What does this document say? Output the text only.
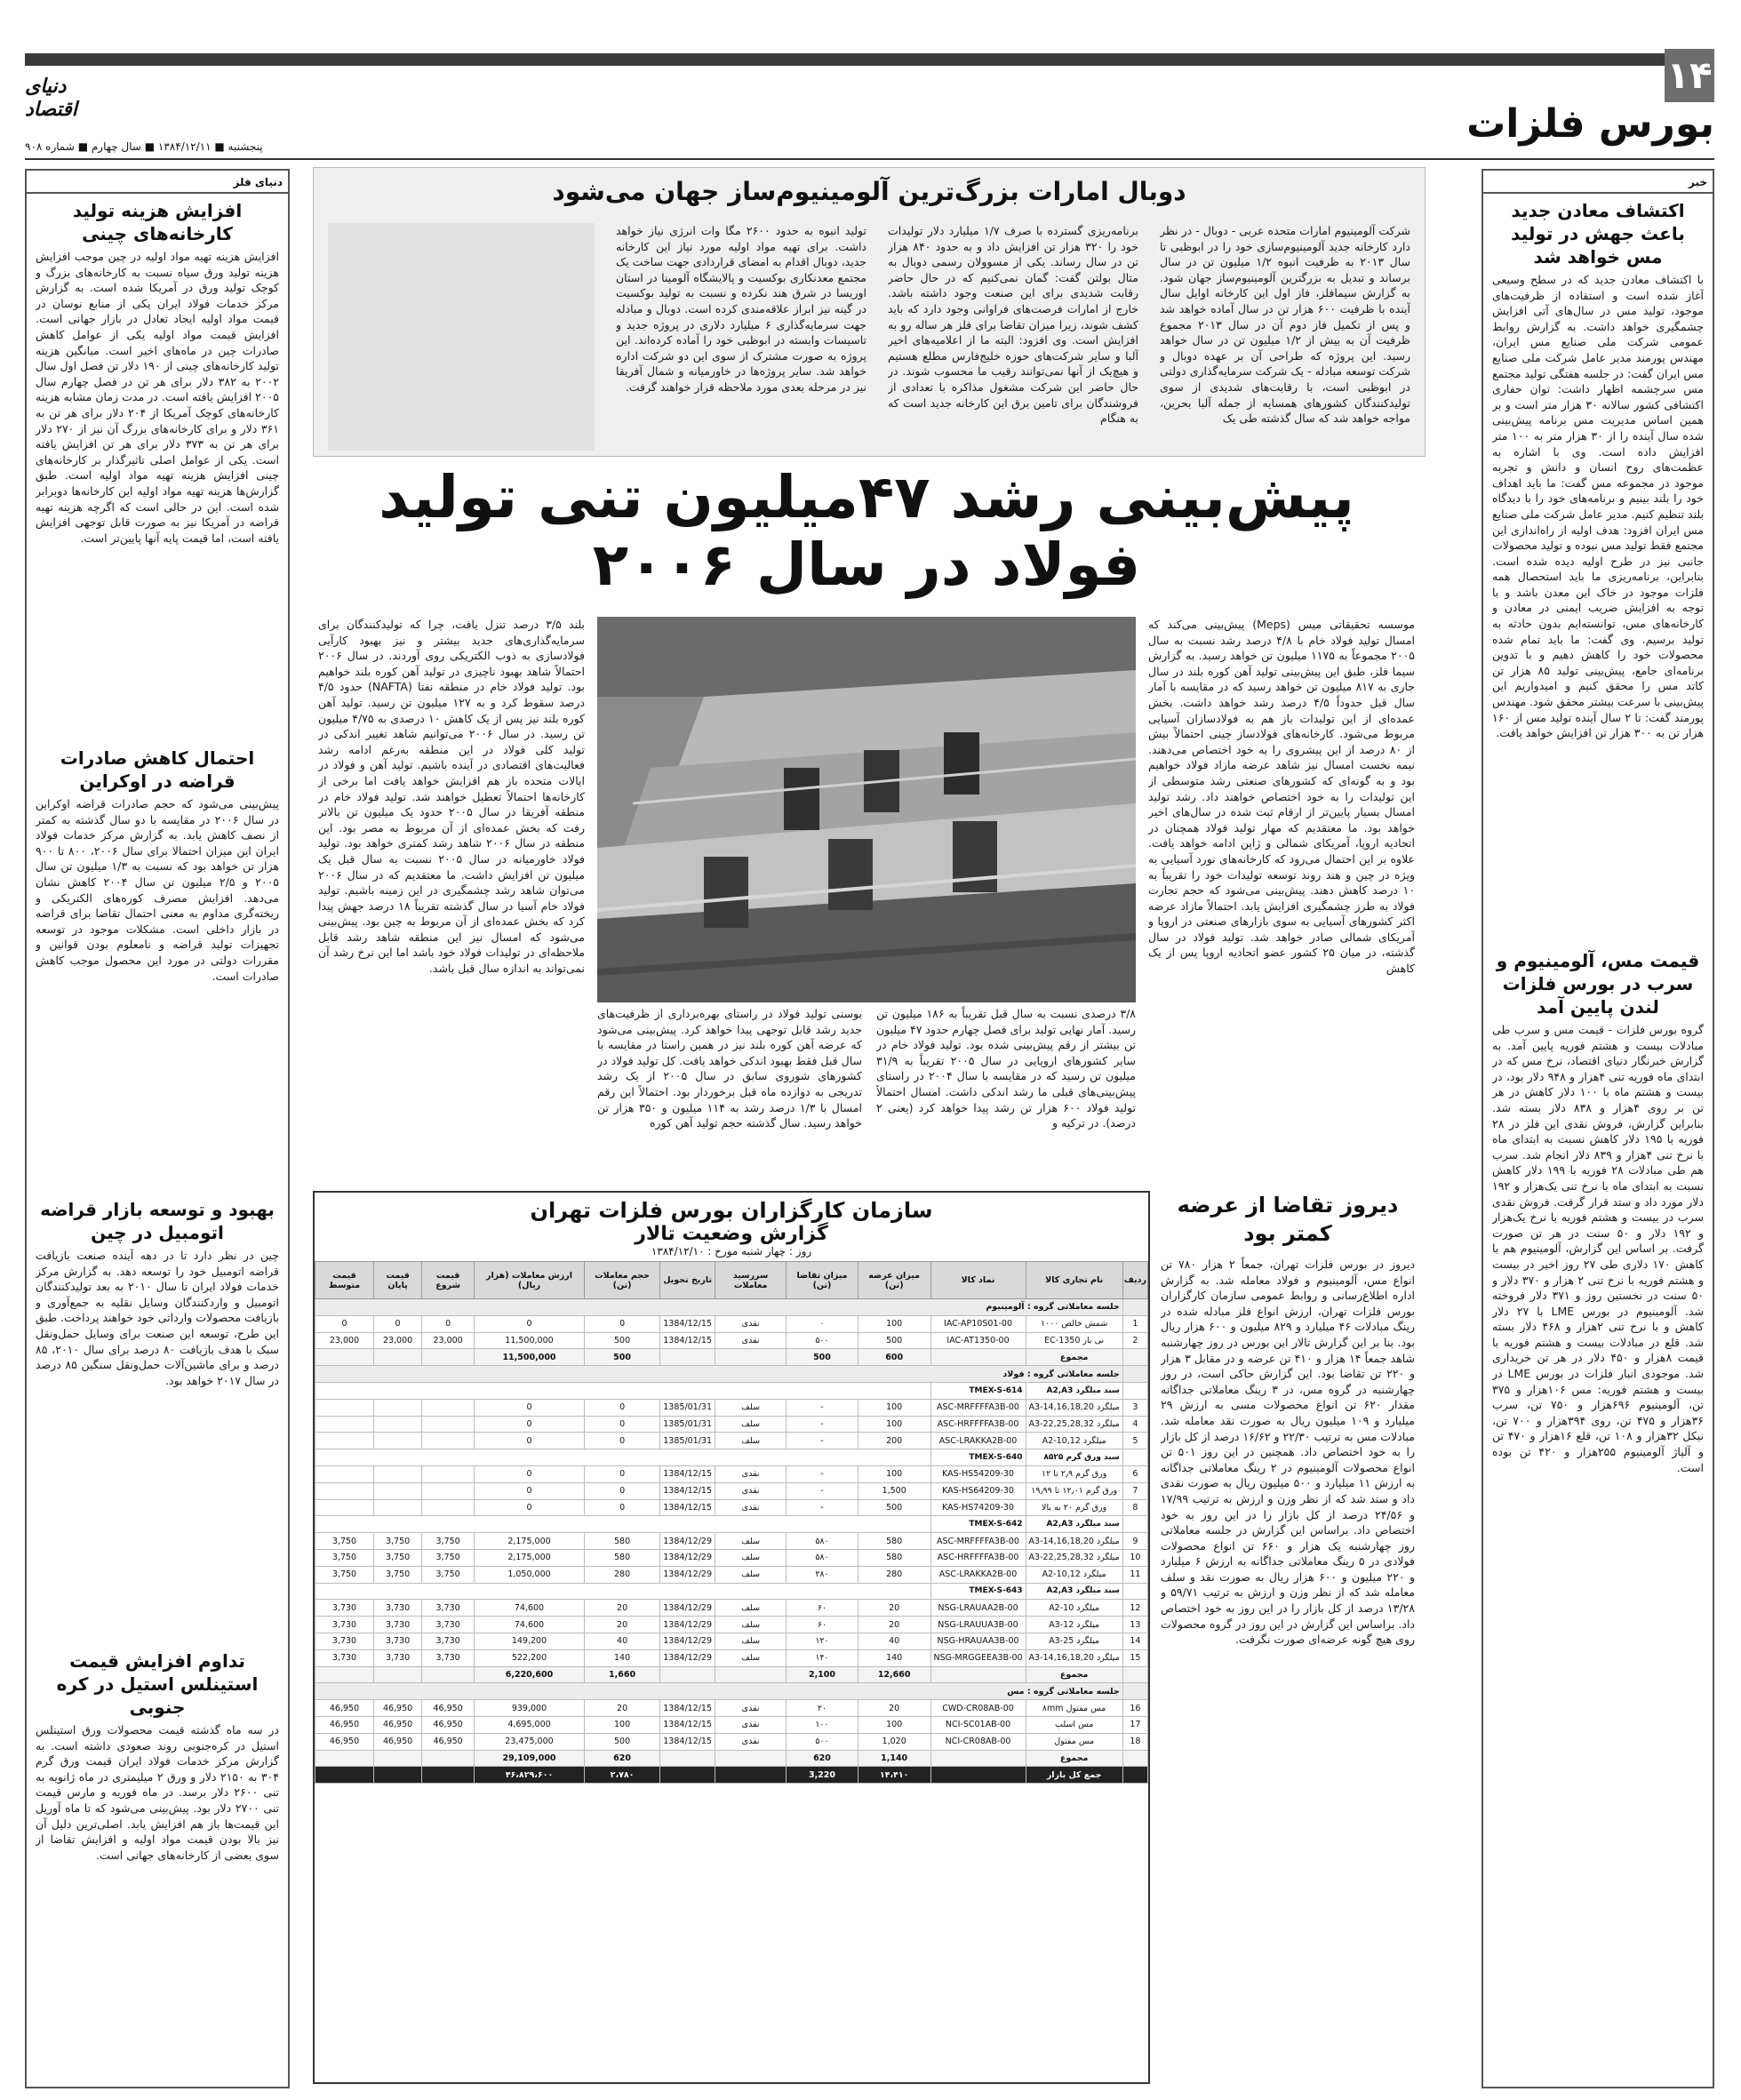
۱۴
دنیای اقتصاد	بورس فلزات
پنجشنبه ■ ۱۳۸۴/۱۲/۱۱ ■ سال چهارم ■ شماره ۹۰۸
خبر
اکتشاف معادن جدید باعث جهش در تولید مس خواهد شد
با اکتشاف معادن جدید که در سطح وسیعی آغاز شده است و استفاده از ظرفیت‌های موجود، تولید مس در سال‌های آتی افزایش چشمگیری خواهد داشت. به گزارش روابط عمومی شرکت ملی صنایع مس ایران، مهندس پورمند مدیر عامل شرکت ملی صنایع مس ایران گفت: در جلسه هفتگی تولید مجتمع مس سرچشمه اظهار داشت: توان حفاری اکتشافی کشور سالانه ۳۰ هزار متر است و بر همین اساس مدیریت مس برنامه پیش‌بینی شده سال آینده را از ۳۰ هزار متر به ۱۰۰ متر افزایش داده است. وی با اشاره به عظمت‌های روح انسان و دانش و تجربه موجود در مجموعه مس گفت: ما باید اهداف خود را بلند بینیم و برنامه‌های خود را با دیدگاه بلند تنظیم کنیم. مدیر عامل شرکت ملی صنایع مس ایران افزود: هدف اولیه از راه‌اندازی این مجتمع فقط تولید مس نبوده و تولید محصولات جانبی نیز در طرح اولیه دیده شده است. بنابراین، برنامه‌ریزی ما باید استحصال همه فلزات موجود در خاک این معدن باشد و با توجه به افزایش ضریب ایمنی در معادن و کارخانه‌های مس، توانسته‌ایم بدون حادثه به تولید برسیم. وی گفت: ما باید تمام شده محصولات خود را کاهش دهیم و با تدوین برنامه‌ای جامع، پیش‌بینی تولید ۸۵ هزار تن کاتد مس را محقق کنیم و امیدواریم این پیش‌بینی با سرعت بیشتر محقق شود. مهندس پورمند گفت: تا ۲ سال آینده تولید مس از ۱۶۰ هزار تن به ۳۰۰ هزار تن افزایش خواهد یافت.
قیمت مس، آلومینیوم و سرب در بورس فلزات لندن پایین آمد
گروه بورس فلزات - قیمت مس و سرب طی مبادلات بیست و هشتم فوریه پایین آمد. به گزارش خبرنگار دنیای اقتصاد، نرخ مس که در ابتدای ماه فوریه تنی ۴هزار و ۹۴۸ دلار بود، در بیست و هشتم ماه با ۱۰۰ دلار کاهش در هر تن بر روی ۴هزار و ۸۳۸ دلار بسته شد. بنابراین گزارش، فروش نقدی این فلز در ۲۸ فوریه با ۱۹۵ دلار کاهش نسبت به ابتدای ماه با نرخ تنی ۴هزار و ۸۳۹ دلار انجام شد. سرب هم طی مبادلات ۲۸ فوریه با ۱۹۹ دلار کاهش نسبت به ابتدای ماه با نرخ تنی یک‌هزار و ۱۹۲ دلار مورد داد و ستد قرار گرفت. فروش نقدی سرب در بیست و هشتم فوریه با نرخ یک‌هزار و ۱۹۲ دلار و ۵۰ سنت در هر تن صورت گرفت. بر اساس این گزارش، آلومینیوم هم با کاهش ۱۷۰ دلاری طی ۲۷ روز اخیر در بیست و هشتم فوریه با نرخ تنی ۲ هزار و ۳۷۰ دلار و ۵۰ سنت در نخستین روز و ۳۷۱ دلار فروخته شد. آلومینیوم در بورس LME با ۲۷ دلار کاهش و با نرخ تنی ۲هزار و ۴۶۸ دلار بسته شد. قلع در مبادلات بیست و هشتم فوریه با قیمت ۸هزار و ۴۵۰ دلار در هر تن خریداری شد. موجودی انبار فلزات در بورس LME در بیست و هشتم فوریه: مس ۱۰۶هزار و ۳۷۵ تن، آلومینیوم ۶۹۶هزار و ۷۵۰ تن، سرب ۳۶هزار و ۴۷۵ تن، روی ۳۹۴هزار و ۷۰۰ تن، نیکل ۳۲هزار و ۱۰۸ تن، قلع ۱۶هزار و ۴۷۰ تن و آلیاژ آلومینیوم ۲۵۵هزار و ۴۲۰ تن بوده است.
دنیای فلز
افزایش هزینه تولید کارخانه‌های چینی
افزایش هزینه تهیه مواد اولیه در چین موجب افزایش هزینه تولید ورق سیاه نسبت به کارخانه‌های بزرگ و کوچک تولید ورق در آمریکا شده است. به گزارش مرکز خدمات فولاد ایران یکی از منابع نوسان در قیمت مواد اولیه ایجاد تعادل در بازار جهانی است. افزایش قیمت مواد اولیه یکی از عوامل کاهش صادرات چین در ماه‌های اخیر است. میانگین هزینه تولید کارخانه‌های چینی از ۱۹۰ دلار تن فصل اول سال ۲۰۰۲ به ۳۸۲ دلار برای هر تن در فصل چهارم سال ۲۰۰۵ افزایش یافته است. در مدت زمان مشابه هزینه کارخانه‌های کوچک آمریکا از ۲۰۴ دلار برای هر تن به ۳۶۱ دلار و برای کارخانه‌های بزرگ آن نیز از ۲۷۰ دلار برای هر تن به ۳۷۳ دلار برای هر تن افزایش یافته است. یکی از عوامل اصلی تاثیرگذار بر کارخانه‌های چینی افزایش هزینه تهیه مواد اولیه است. طبق گزارش‌ها هزینه تهیه مواد اولیه این کارخانه‌ها دوبرابر شده است. این در حالی است که اگرچه هزینه تهیه قراضه در آمریکا نیز به صورت قابل توجهی افزایش یافته است، اما قیمت پایه آنها پایین‌تر است.
احتمال کاهش صادرات قراضه در اوکراین
پیش‌بینی می‌شود که حجم صادرات قراضه اوکراین در سال ۲۰۰۶ در مقایسه با دو سال گذشته به کمتر از نصف کاهش یابد. به گزارش مرکز خدمات فولاد ایران این میزان احتمالا برای سال ۲۰۰۶، ۸۰۰ تا ۹۰۰ هزار تن خواهد بود که نسبت به ۱/۳ میلیون تن سال ۲۰۰۵ و ۲/۵ میلیون تن سال ۲۰۰۴ کاهش نشان می‌دهد. افزایش مصرف کوره‌های الکتریکی و ریخته‌گری مداوم به معنی احتمال تقاضا برای قراضه در بازار داخلی است. مشکلات موجود در توسعه تجهیزات تولید قراضه و نامعلوم بودن قوانین و مقررات دولتی در مورد این محصول موجب کاهش صادرات است.
بهبود و توسعه بازار قراضه اتومبیل در چین
چین در نظر دارد تا در دهه آینده صنعت بازیافت قراضه اتومبیل خود را توسعه دهد. به گزارش مرکز خدمات فولاد ایران تا سال ۲۰۱۰ به بعد تولیدکنندگان اتومبیل و واردکنندگان وسایل نقلیه به جمع‌آوری و بازیافت محصولات وارداتی خود خواهند پرداخت. طبق این طرح، توسعه این صنعت برای وسایل حمل‌ونقل سبک با هدف بازیافت ۸۰ درصد برای سال ۲۰۱۰، ۸۵ درصد و برای ماشین‌آلات حمل‌ونقل سنگین ۸۵ درصد در سال ۲۰۱۷ خواهد بود.
تداوم افزایش قیمت استینلس استیل در کره جنوبی
در سه ماه گذشته قیمت محصولات ورق استینلس استیل در کره‌جنوبی روند صعودی داشته است. به گزارش مرکز خدمات فولاد ایران قیمت ورق گرم ۳۰۴ به ۲۱۵۰ دلار و ورق ۲ میلیمتری در ماه ژانویه به تنی ۲۶۰۰ دلار برسد. در ماه فوریه و مارس قیمت تنی ۲۷۰۰ دلار بود. پیش‌بینی می‌شود که تا ماه آوریل این قیمت‌ها باز هم افزایش یابد. اصلی‌ترین دلیل آن نیز بالا بودن قیمت مواد اولیه و افزایش تقاضا از سوی بعضی از کارخانه‌های جهانی است.
دوبال امارات بزرگ‌ترین آلومینیوم‌ساز جهان می‌شود
شرکت آلومینیوم امارات متحده عربی - دوبال - در نظر دارد کارخانه جدید آلومینیوم‌سازی خود را در ابوظبی تا سال ۲۰۱۳ به ظرفیت انبوه ۱/۲ میلیون تن در سال برساند و تبدیل به بزرگترین آلومینیوم‌ساز جهان شود. به گزارش سیمافلز، فاز اول این کارخانه اوایل سال آینده با ظرفیت ۶۰۰ هزار تن در سال آماده خواهد شد و پس از تکمیل فاز دوم آن در سال ۲۰۱۳ مجموع ظرفیت آن به بیش از ۱/۲ میلیون تن در سال خواهد رسید. این پروژه که طراحی آن بر عهده دوبال و شرکت توسعه مبادله - یک شرکت سرمایه‌گذاری دولتی در ابوظبی است، با رقابت‌های شدیدی از سوی تولیدکنندگان کشورهای همسایه از جمله آلبا بحرین، مواجه خواهد شد که سال گذشته طی یک
برنامه‌ریزی گسترده با صرف ۱/۷ میلیارد دلار تولیدات خود را ۳۲۰ هزار تن افزایش داد و به حدود ۸۴۰ هزار تن در سال رساند. یکی از مسوولان رسمی دوبال به متال بولتن گفت: گمان نمی‌کنیم که در حال حاضر رقابت شدیدی برای این صنعت وجود داشته باشد. خارج از امارات فرصت‌های فراوانی وجود دارد که باید کشف شوند، زیرا میزان تقاضا برای فلز هر ساله رو به افزایش است. وی افزود: البته ما از اعلامیه‌های اخیر آلبا و سایر شرکت‌های حوزه خلیج‌فارس مطلع هستیم و هیچ‌یک از آنها نمی‌توانند رقیب ما محسوب شوند. در حال حاضر این شرکت مشغول مذاکره با تعدادی از فروشندگان برای تامین برق این کارخانه جدید است که به هنگام
تولید انبوه به حدود ۲۶۰۰ مگا وات انرژی نیاز خواهد داشت. برای تهیه مواد اولیه مورد نیاز این کارخانه جدید، دوبال اقدام به امضای قراردادی جهت ساخت یک مجتمع معدنکاری بوکسیت و پالایشگاه آلومینا در استان اوریسا در شرق هند نکرده و نسبت به تولید بوکسیت در گینه نیز ابراز علاقه‌مندی کرده است. دوبال و مبادله جهت سرمایه‌گذاری ۶ میلیارد دلاری در پروژه جدید و تاسیسات وابسته در ابوظبی خود را آماده کرده‌اند. این پروژه به صورت مشترک از سوی این دو شرکت اداره خواهد شد. سایر پروژه‌ها در خاورمیانه و شمال آفریقا نیز در مرحله بعدی مورد ملاحظه قرار خواهند گرفت.
پیش‌بینی رشد ۴۷میلیون تنی تولید
فولاد در سال ۲۰۰۶
موسسه تحقیقاتی میس (Meps) پیش‌بینی می‌کند که امسال تولید فولاد خام با ۴/۸ درصد رشد نسبت به سال ۲۰۰۵ مجموعاً به ۱۱۷۵ میلیون تن خواهد رسید. به گزارش سیما فلز، طبق این پیش‌بینی تولید آهن کوره بلند در سال جاری به ۸۱۷ میلیون تن خواهد رسید که در مقایسه با آمار سال قبل حدوداً ۴/۵ درصد رشد خواهد داشت. بخش عمده‌ای از این تولیدات باز هم به فولادسازان آسیایی مربوط می‌شود. کارخانه‌های فولادساز چینی احتمالاً بیش از ۸۰ درصد از این پیشروی را به خود اختصاص می‌دهند. نیمه نخست امسال نیز شاهد عرضه مازاد فولاد خواهیم بود و به گونه‌ای که کشورهای صنعتی رشد متوسطی از این تولیدات را به خود اختصاص خواهند داد. رشد تولید امسال بسیار پایین‌تر از ارقام ثبت شده در سال‌های اخیر خواهد بود. ما معتقدیم که مهار تولید فولاد همچنان در اتحادیه اروپا، آمریکای شمالی و ژاپن ادامه خواهد یافت. علاوه بر این احتمال می‌رود که کارخانه‌های نورد آسیایی به ویژه در چین و هند روند توسعه تولیدات خود را تقریباً به ۱۰ درصد کاهش دهند. پیش‌بینی می‌شود که حجم تجارت فولاد به طرز چشمگیری افزایش یابد. احتمالاً مازاد عرضه اکثر کشورهای آسیایی به سوی بازارهای صنعتی در اروپا و آمریکای شمالی صادر خواهد شد. تولید فولاد در سال گذشته، در میان ۲۵ کشور عضو اتحادیه اروپا پس از یک کاهش
بلند ۳/۵ درصد تنزل یافت، چرا که تولیدکنندگان برای سرمایه‌گذاری‌های جدید بیشتر و نیز بهبود کارآیی فولادسازی به ذوب الکتریکی روی آوردند. در سال ۲۰۰۶ احتمالاً شاهد بهبود ناچیزی در تولید آهن کوره بلند خواهیم بود. تولید فولاد خام در منطقه نفتا (NAFTA) حدود ۴/۵ درصد سقوط کرد و به ۱۲۷ میلیون تن رسید. تولید آهن کوره بلند نیز پس از یک کاهش ۱۰ درصدی به ۴/۷۵ میلیون تن رسید. در سال ۲۰۰۶ می‌توانیم شاهد تغییر اندکی در تولید کلی فولاد در این منطقه به‌رغم ادامه رشد فعالیت‌های اقتصادی در آینده باشیم. تولید آهن و فولاد در ایالات متحده باز هم افزایش خواهد یافت اما برخی از کارخانه‌ها احتمالاً تعطیل خواهند شد. تولید فولاد خام در منطقه آفریقا در سال ۲۰۰۵ حدود یک میلیون تن بالاتر رفت که بخش عمده‌ای از آن مربوط به مصر بود. این منطقه در سال ۲۰۰۶ شاهد رشد کمتری خواهد بود. تولید فولاد خاورمیانه در سال ۲۰۰۵ نسبت به سال قبل یک میلیون تن افزایش داشت. ما معتقدیم که در سال ۲۰۰۶ می‌توان شاهد رشد چشمگیری در این زمینه باشیم. تولید فولاد خام آسیا در سال گذشته تقریباً ۱۸ درصد جهش پیدا کرد که بخش عمده‌ای از آن مربوط به چین بود. پیش‌بینی می‌شود که امسال نیز این منطقه شاهد رشد قابل ملاحظه‌ای در تولیدات فولاد خود باشد اما این نرخ رشد آن نمی‌تواند به اندازه سال قبل باشد.
۳/۸ درصدی نسبت به سال قبل تقریباً به ۱۸۶ میلیون تن رسید. آمار نهایی تولید برای فصل چهارم حدود ۴۷ میلیون تن بیشتر از رقم پیش‌بینی شده بود. تولید فولاد خام در سایر کشورهای اروپایی در سال ۲۰۰۵ تقریباً به ۳۱/۹ میلیون تن رسید که در مقایسه با سال ۲۰۰۴ در راستای پیش‌بینی‌های قبلی ما رشد اندکی داشت. امسال احتمالاً تولید فولاد ۶۰۰ هزار تن رشد پیدا خواهد کرد (یعنی ۲ درصد). در ترکیه و
بوسنی تولید فولاد در راستای بهره‌برداری از ظرفیت‌های جدید رشد قابل توجهی پیدا خواهد کرد. پیش‌بینی می‌شود که عرضه آهن کوره بلند نیز در همین راستا در مقایسه با سال قبل فقط بهبود اندکی خواهد یافت. کل تولید فولاد در کشورهای شوروی سابق در سال ۲۰۰۵ از یک رشد تدریجی به دوازده ماه قبل برخوردار بود. احتمالاً این رقم امسال با ۱/۳ درصد رشد به ۱۱۴ میلیون و ۳۵۰ هزار تن خواهد رسید. سال گذشته حجم تولید آهن کوره
دیروز تقاضا از عرضه کمتر بود
دیروز در بورس فلزات تهران، جمعاً ۲ هزار ۷۸۰ تن انواع مس، آلومینیوم و فولاد معامله شد. به گزارش اداره اطلاع‌رسانی و روابط عمومی سازمان کارگزاران بورس فلزات تهران، ارزش انواع فلز مبادله شده در رینگ مبادلات ۴۶ میلیارد و ۸۲۹ میلیون و ۶۰۰ هزار ریال بود. بنا بر این گزارش تالار این بورس در روز چهارشنبه شاهد جمعاً ۱۴ هزار و ۴۱۰ تن عرضه و در مقابل ۳ هزار و ۲۲۰ تن تقاضا بود. این گزارش حاکی است، در روز چهارشنبه در گروه مس، در ۳ رینگ معاملاتی جداگانه مقدار ۶۲۰ تن انواع محصولات مسی به ارزش ۲۹ میلیارد و ۱۰۹ میلیون ریال به صورت نقد معامله شد. مبادلات مس به ترتیب ۲۲/۳۰ و ۱۶/۶۲ درصد از کل بازار را به خود اختصاص داد. همچنین در این روز ۵۰۱ تن انواع محصولات آلومینیوم در ۲ رینگ معاملاتی جداگانه به ارزش ۱۱ میلیارد و ۵۰۰ میلیون ریال به صورت نقدی داد و ستد شد که از نظر وزن و ارزش به ترتیب ۱۷/۹۹ و ۲۴/۵۶ درصد از کل بازار را در این روز به خود اختصاص داد. براساس این گزارش در جلسه معاملاتی روز چهارشنبه یک هزار و ۶۶۰ تن انواع محصولات فولادی در ۵ رینگ معاملاتی جداگانه به ارزش ۶ میلیارد و ۲۲۰ میلیون و ۶۰۰ هزار ریال به صورت نقد و سلف معامله شد که از نظر وزن و ارزش به ترتیب ۵۹/۷۱ و ۱۳/۲۸ درصد از کل بازار را در این روز به خود اختصاص داد. براساس این گزارش در این روز در گروه محصولات روی هیچ گونه عرضه‌ای صورت نگرفت.
سازمان کارگزاران بورس فلزات تهران
گزارش وضعیت تالار
روز : چهار شنبه مورخ : ۱۳۸۴/۱۲/۱۰
ردیف	نام تجاری کالا	نماد کالا	میزان عرضه (تن)	میزان تقاضا (تن)	سررسید معاملات	تاریخ تحویل	حجم معاملات (تن)	ارزش معاملات (هزار ریال)	قیمت شروع	قیمت پایان	قیمت متوسط
	جلسه معاملاتی گروه : آلومینیوم										
1	شمش خالص ۱۰۰۰	IAC-AP10S01-00	100	۰	نقدی	1384/12/15	0	0	0	0	0
2	نی بار EC-1350	IAC-AT1350-00	500	۵۰۰	نقدی	1384/12/15	500	11,500,000	23,000	23,000	23,000
	مجموع		600	500			500	11,500,000			
	جلسه معاملاتی گروه : فولاد										
	سبد میلگرد A2,A3	TMEX-S-614									
3	میلگرد A3-14,16,18,20	ASC-MRFFFFA3B-00	100	-	سلف	1385/01/31	0	0			
4	میلگرد A3-22,25,28,32	ASC-HRFFFFA3B-00	100	-	سلف	1385/01/31	0	0			
5	میلگرد A2-10,12	ASC-LRAKKA2B-00	200	-	سلف	1385/01/31	0	0			
	سبد ورق گرم ۸۵۲۵	TMEX-S-640									
6	ورق گرم ۲٫۹ تا ۱۲	KAS-HS54209-30	100	-	نقدی	1384/12/15	0	0			
7	ورق گرم ۱۲٫۰۱ تا ۱۹٫۹۹	KAS-HS64209-30	1,500	-	نقدی	1384/12/15	0	0			
8	ورق گرم ۲۰ به بالا	KAS-HS74209-30	500	-	نقدی	1384/12/15	0	0			
	سبد میلگرد A2,A3	TMEX-S-642									
9	میلگرد A3-14,16,18,20	ASC-MRFFFFA3B-00	580	۵۸۰	سلف	1384/12/29	580	2,175,000	3,750	3,750	3,750
10	میلگرد A3-22,25,28,32	ASC-HRFFFFA3B-00	580	۵۸۰	سلف	1384/12/29	580	2,175,000	3,750	3,750	3,750
11	میلگرد A2-10,12	ASC-LRAKKA2B-00	280	۲۸۰	سلف	1384/12/29	280	1,050,000	3,750	3,750	3,750
	سبد میلگرد A2,A3	TMEX-S-643									
12	میلگرد A2-10	NSG-LRAUAA2B-00	20	۶۰	سلف	1384/12/29	20	74,600	3,730	3,730	3,730
13	میلگرد A3-12	NSG-LRAUUA3B-00	20	۶۰	سلف	1384/12/29	20	74,600	3,730	3,730	3,730
14	میلگرد A3-25	NSG-HRAUAA3B-00	40	۱۲۰	سلف	1384/12/29	40	149,200	3,730	3,730	3,730
15	میلگرد A3-14,16,18,20	NSG-MRGGEEA3B-00	140	۱۴۰	سلف	1384/12/29	140	522,200	3,730	3,730	3,730
	مجموع		12,660	2,100			1,660	6,220,600			
	جلسه معاملاتی گروه : مس										
16	مس مفتول ۸mm	CWD-CR08AB-00	20	۲۰	نقدی	1384/12/15	20	939,000	46,950	46,950	46,950
17	مس اسلب	NCI-SC01AB-00	100	۱۰۰	نقدی	1384/12/15	100	4,695,000	46,950	46,950	46,950
18	مس مفتول	NCI-CR08AB-00	1,020	۵۰۰	نقدی	1384/12/15	500	23,475,000	46,950	46,950	46,950
	مجموع		1,140	620			620	29,109,000			
	جمع کل بازار		۱۴،۴۱۰	3,220			۲،۷۸۰	۴۶،۸۲۹،۶۰۰			
